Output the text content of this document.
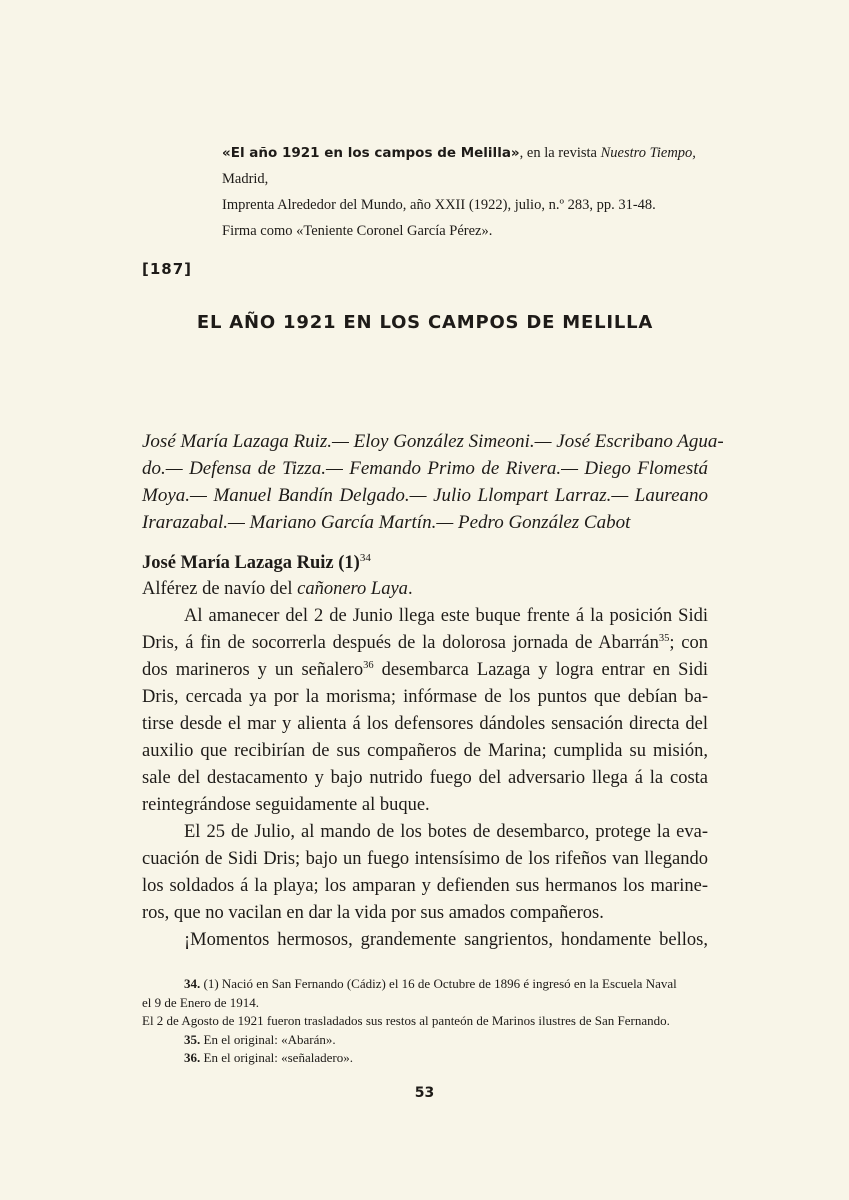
«El año 1921 en los campos de Melilla», en la revista Nuestro Tiempo, Madrid,
Imprenta Alrededor del Mundo, año XXII (1922), julio, n.º 283, pp. 31-48.
Firma como «Teniente Coronel García Pérez».
[187]
EL AÑO 1921 EN LOS CAMPOS DE MELILLA
José María Lazaga Ruiz.— Eloy González Simeoni.— José Escribano Agua-
do.— Defensa de Tizza.— Femando Primo de Rivera.— Diego Flomestá
Moya.— Manuel Bandín Delgado.— Julio Llompart Larraz.— Laureano
Irarazabal.— Mariano García Martín.— Pedro González Cabot
José María Lazaga Ruiz $(1)^{34}$
Alférez de navío del cañonero Laya.
Al amanecer del 2 de Junio llega este buque frente á la posición Sidi
Dris, á fin de socorrerla después de la dolorosa jornada de Abarrán$^{35}$; con
dos marineros y un señalero$^{36}$ desembarca Lazaga y logra entrar en Sidi
Dris, cercada ya por la morisma; infórmase de los puntos que debían ba-
tirse desde el mar y alienta á los defensores dándoles sensación directa del
auxilio que recibirían de sus compañeros de Marina; cumplida su misión,
sale del destacamento y bajo nutrido fuego del adversario llega á la costa
reintegrándose seguidamente al buque.
El 25 de Julio, al mando de los botes de desembarco, protege la eva-
cuación de Sidi Dris; bajo un fuego intensísimo de los rifeños van llegando
los soldados á la playa; los amparan y defienden sus hermanos los marine-
ros, que no vacilan en dar la vida por sus amados compañeros.
¡Momentos hermosos, grandemente sangrientos, hondamente bellos,
34. (1) Nació en San Fernando (Cádiz) el 16 de Octubre de 1896 é ingresó en la Escuela Naval
el 9 de Enero de 1914.
El 2 de Agosto de 1921 fueron trasladados sus restos al panteón de Marinos ilustres de San Fernando.
35. En el original: «Abarán».
36. En el original: «señaladero».
53
